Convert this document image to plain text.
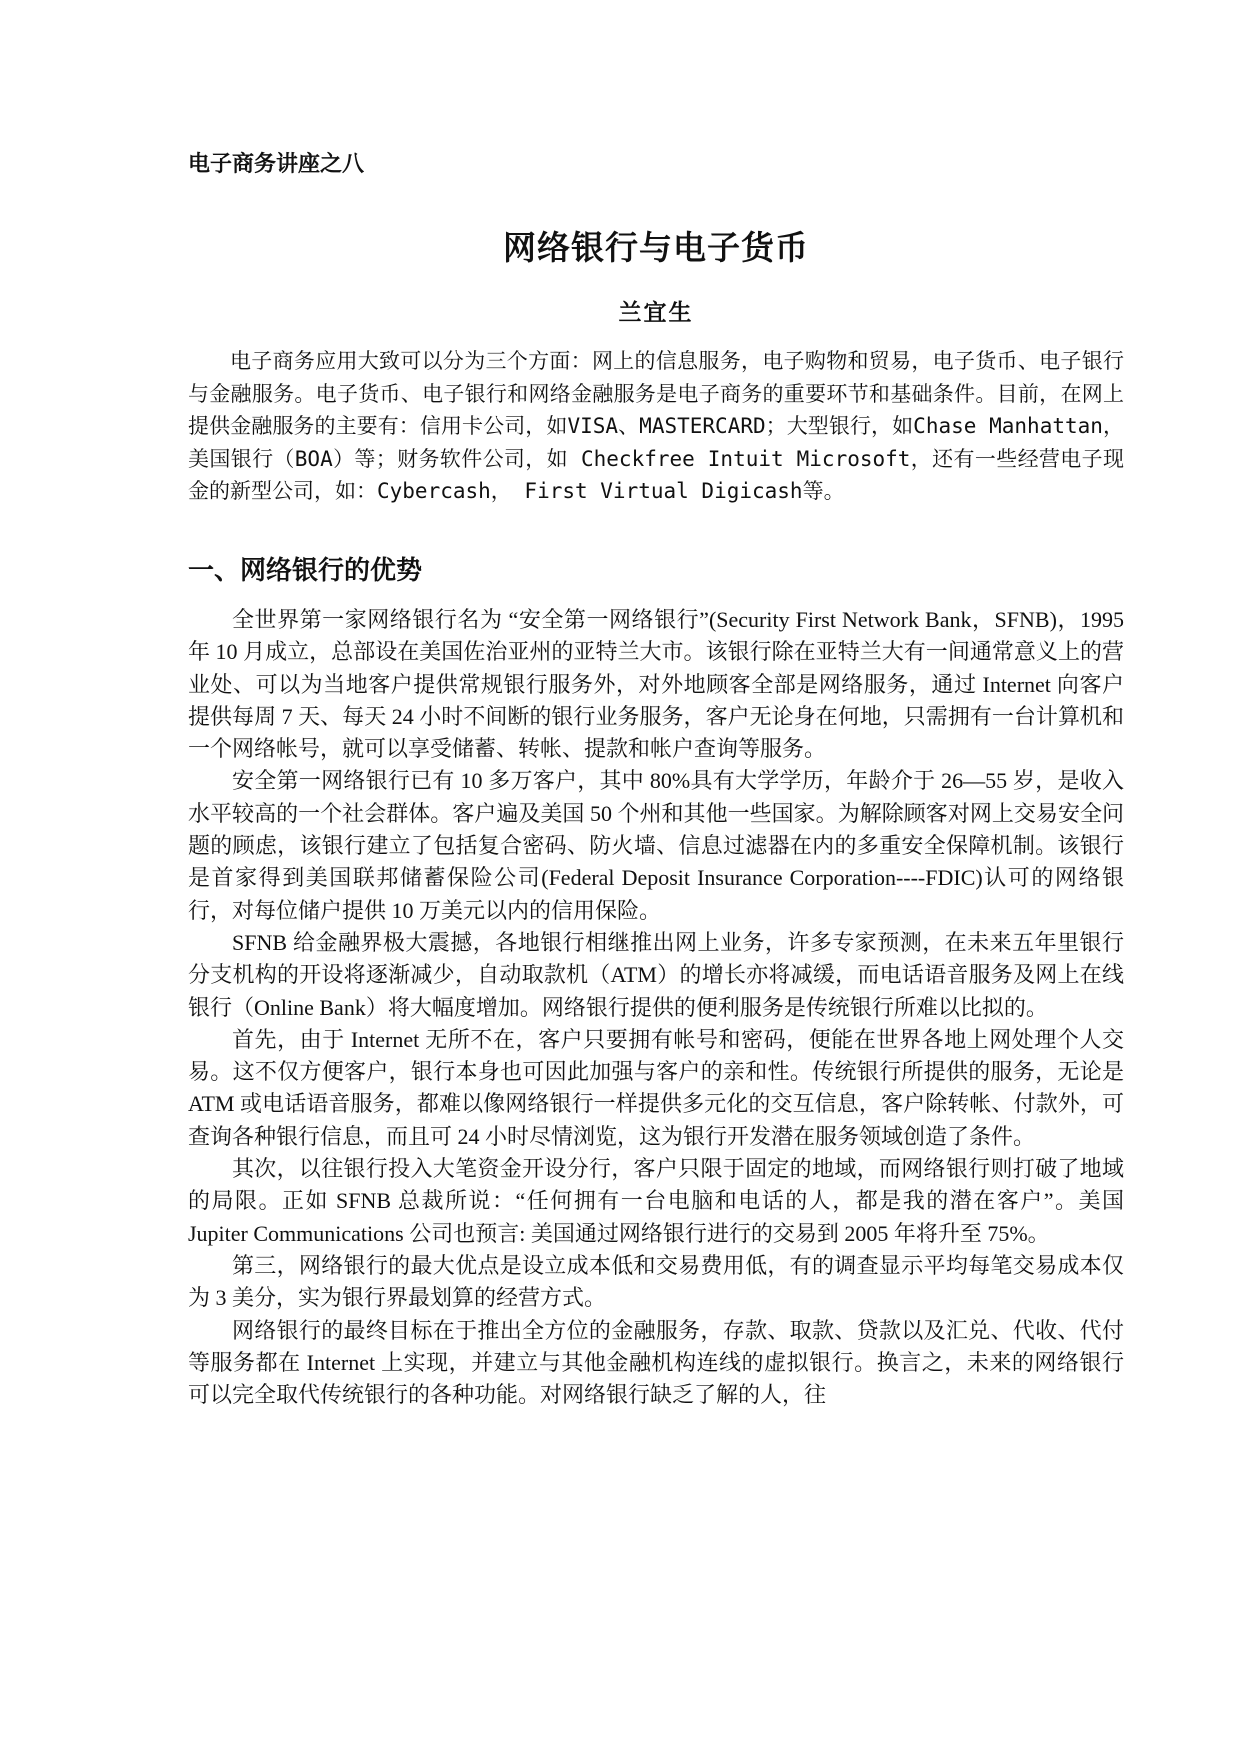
电子商务讲座之八
网络银行与电子货币
兰宜生

电子商务应用大致可以分为三个方面：网上的信息服务，电子购物和贸易，电子货币、电子银行与金融服务。电子货币、电子银行和网络金融服务是电子商务的重要环节和基础条件。目前，在网上提供金融服务的主要有：信用卡公司，如VISA、MASTERCARD；大型银行，如Chase Manhattan，美国银行（BOA）等；财务软件公司，如 Checkfree Intuit Microsoft，还有一些经营电子现金的新型公司，如：Cybercash， First Virtual Digicash等。

一、网络银行的优势

全世界第一家网络银行名为 “安全第一网络银行”(Security First Network Bank，SFNB)，1995 年 10 月成立，总部设在美国佐治亚州的亚特兰大市。该银行除在亚特兰大有一间通常意义上的营业处、可以为当地客户提供常规银行服务外，对外地顾客全部是网络服务，通过 Internet 向客户提供每周 7 天、每天 24 小时不间断的银行业务服务，客户无论身在何地，只需拥有一台计算机和一个网络帐号，就可以享受储蓄、转帐、提款和帐户查询等服务。

安全第一网络银行已有 10 多万客户，其中 80%具有大学学历，年龄介于 26—55 岁，是收入水平较高的一个社会群体。客户遍及美国 50 个州和其他一些国家。为解除顾客对网上交易安全问题的顾虑，该银行建立了包括复合密码、防火墙、信息过滤器在内的多重安全保障机制。该银行是首家得到美国联邦储蓄保险公司(Federal Deposit Insurance Corporation----FDIC)认可的网络银行，对每位储户提供 10 万美元以内的信用保险。

SFNB 给金融界极大震撼，各地银行相继推出网上业务，许多专家预测，在未来五年里银行分支机构的开设将逐渐减少，自动取款机（ATM）的增长亦将减缓，而电话语音服务及网上在线银行（Online Bank）将大幅度增加。网络银行提供的便利服务是传统银行所难以比拟的。

首先，由于 Internet 无所不在，客户只要拥有帐号和密码，便能在世界各地上网处理个人交易。这不仅方便客户，银行本身也可因此加强与客户的亲和性。传统银行所提供的服务，无论是 ATM 或电话语音服务，都难以像网络银行一样提供多元化的交互信息，客户除转帐、付款外，可查询各种银行信息，而且可 24 小时尽情浏览，这为银行开发潜在服务领域创造了条件。

其次，以往银行投入大笔资金开设分行，客户只限于固定的地域，而网络银行则打破了地域的局限。正如 SFNB 总裁所说：“任何拥有一台电脑和电话的人，都是我的潜在客户”。美国 Jupiter Communications 公司也预言: 美国通过网络银行进行的交易到 2005 年将升至 75%。

第三，网络银行的最大优点是设立成本低和交易费用低，有的调查显示平均每笔交易成本仅为 3 美分，实为银行界最划算的经营方式。

网络银行的最终目标在于推出全方位的金融服务，存款、取款、贷款以及汇兑、代收、代付等服务都在 Internet 上实现，并建立与其他金融机构连线的虚拟银行。换言之，未来的网络银行可以完全取代传统银行的各种功能。对网络银行缺乏了解的人，往
